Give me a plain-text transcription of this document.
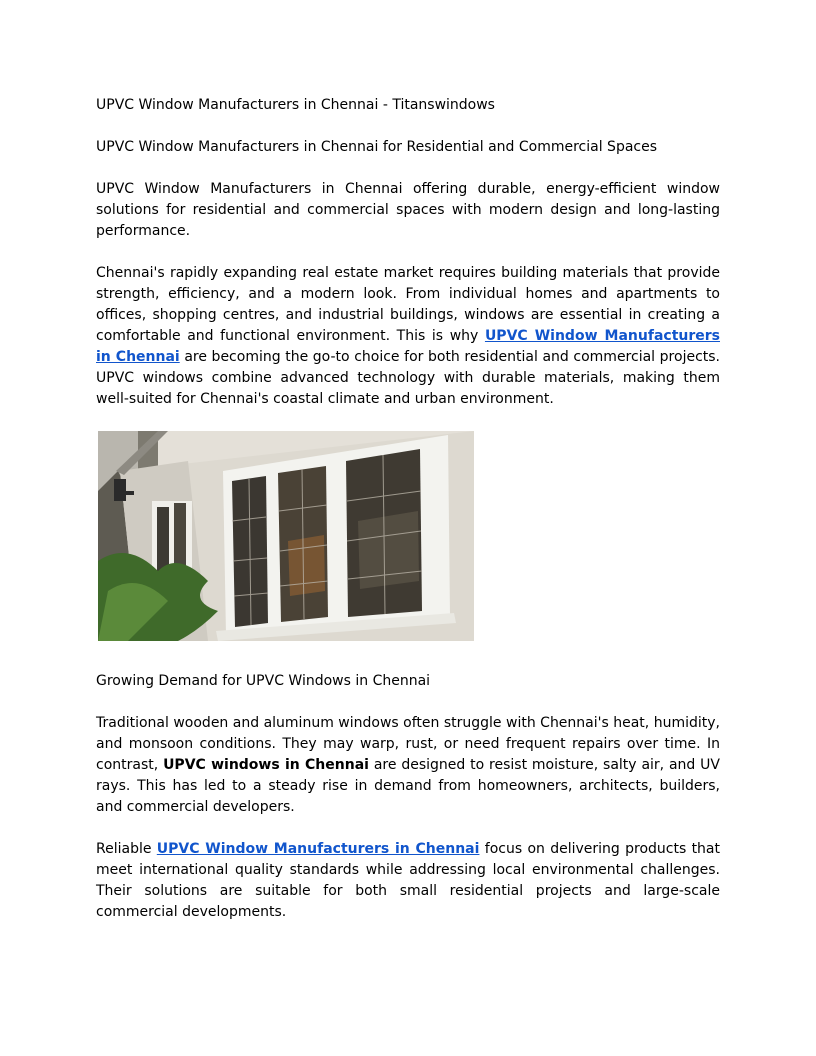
UPVC Window Manufacturers in Chennai - Titanswindows

UPVC Window Manufacturers in Chennai for Residential and Commercial Spaces

UPVC Window Manufacturers in Chennai offering durable, energy-efficient window solutions for residential and commercial spaces with modern design and long-lasting performance.

Chennai's rapidly expanding real estate market requires building materials that provide strength, efficiency, and a modern look. From individual homes and apartments to offices, shopping centres, and industrial buildings, windows are essential in creating a comfortable and functional environment. This is why UPVC Window Manufacturers in Chennai are becoming the go-to choice for both residential and commercial projects. UPVC windows combine advanced technology with durable materials, making them well-suited for Chennai's coastal climate and urban environment.

Growing Demand for UPVC Windows in Chennai

Traditional wooden and aluminum windows often struggle with Chennai's heat, humidity, and monsoon conditions. They may warp, rust, or need frequent repairs over time. In contrast, UPVC windows in Chennai are designed to resist moisture, salty air, and UV rays. This has led to a steady rise in demand from homeowners, architects, builders, and commercial developers.

Reliable UPVC Window Manufacturers in Chennai focus on delivering products that meet international quality standards while addressing local environmental challenges. Their solutions are suitable for both small residential projects and large-scale commercial developments.
